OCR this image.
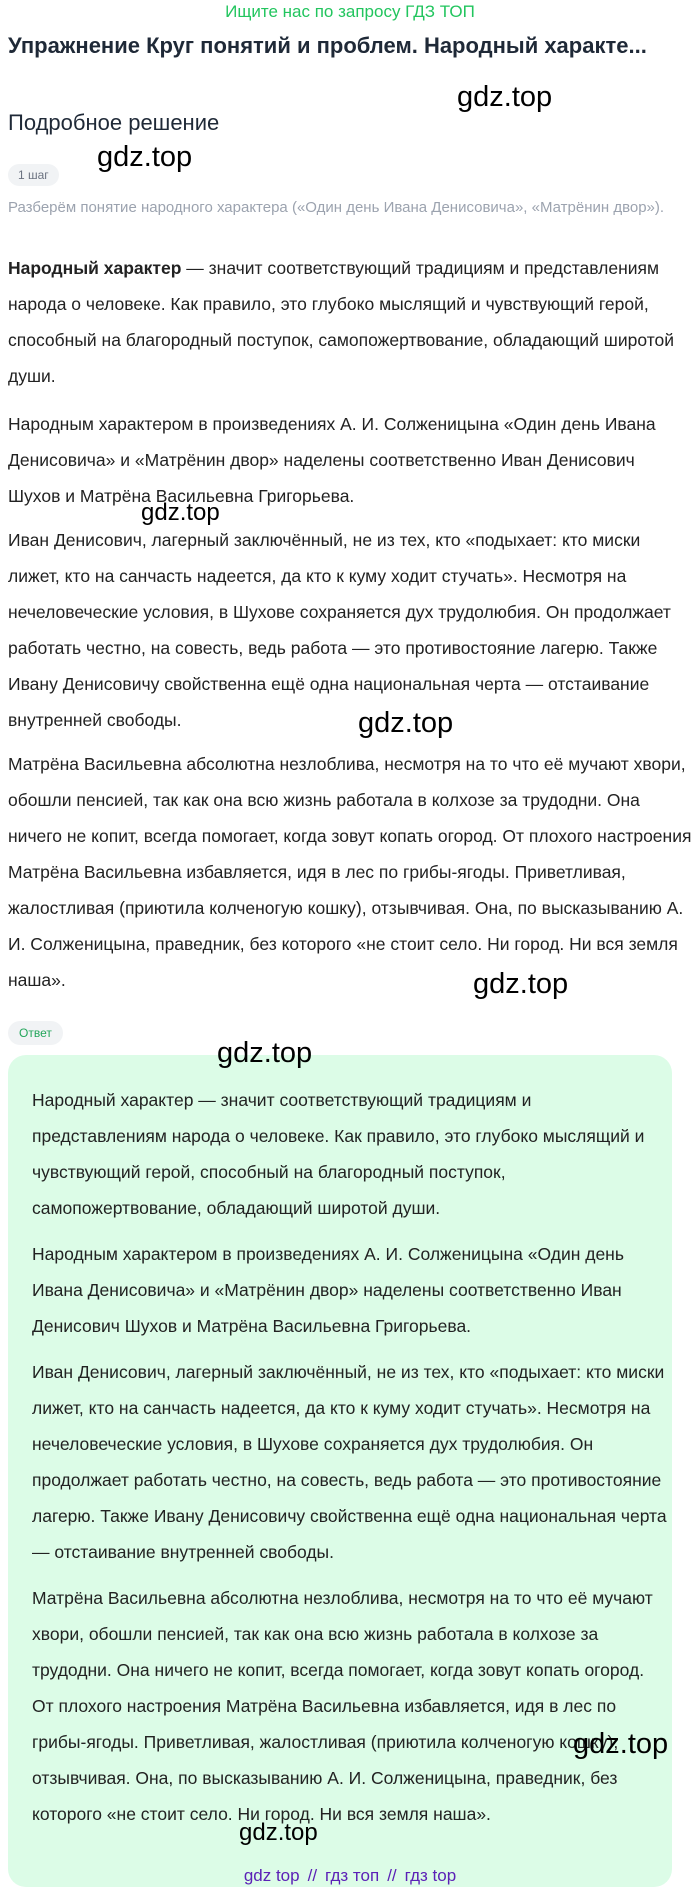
Ищите нас по запросу ГДЗ ТОП
Упражнение Круг понятий и проблем. Народный характе...
Подробное решение
1 шаг

Разберём понятие народного характера («Один день Ивана Денисовича», «Матрёнин двор»).

Народный характер — значит соответствующий традициям и представлениям народа о человеке. Как правило, это глубоко мыслящий и чувствующий герой, способный на благородный поступок, самопожертвование, обладающий широтой души.

Народным характером в произведениях А. И. Солженицына «Один день Ивана Денисовича» и «Матрёнин двор» наделены соответственно Иван Денисович Шухов и Матрёна Васильевна Григорьева.

Иван Денисович, лагерный заключённый, не из тех, кто «подыхает: кто миски лижет, кто на санчасть надеется, да кто к куму ходит стучать». Несмотря на нечеловеческие условия, в Шухове сохраняется дух трудолюбия. Он продолжает работать честно, на совесть, ведь работа — это противостояние лагерю. Также Ивану Денисовичу свойственна ещё одна национальная черта — отстаивание внутренней свободы.

Матрёна Васильевна абсолютна незлоблива, несмотря на то что её мучают хвори, обошли пенсией, так как она всю жизнь работала в колхозе за трудодни. Она ничего не копит, всегда помогает, когда зовут копать огород. От плохого настроения Матрёна Васильевна избавляется, идя в лес по грибы-ягоды. Приветливая, жалостливая (приютила колченогую кошку), отзывчивая. Она, по высказыванию А. И. Солженицына, праведник, без которого «не стоит село. Ни город. Ни вся земля наша».

Ответ

Народный характер — значит соответствующий традициям и представлениям народа о человеке. Как правило, это глубоко мыслящий и чувствующий герой, способный на благородный поступок, самопожертвование, обладающий широтой души.

Народным характером в произведениях А. И. Солженицына «Один день Ивана Денисовича» и «Матрёнин двор» наделены соответственно Иван Денисович Шухов и Матрёна Васильевна Григорьева.

Иван Денисович, лагерный заключённый, не из тех, кто «подыхает: кто миски лижет, кто на санчасть надеется, да кто к куму ходит стучать». Несмотря на нечеловеческие условия, в Шухове сохраняется дух трудолюбия. Он продолжает работать честно, на совесть, ведь работа — это противостояние лагерю. Также Ивану Денисовичу свойственна ещё одна национальная черта — отстаивание внутренней свободы.

Матрёна Васильевна абсолютна незлоблива, несмотря на то что её мучают хвори, обошли пенсией, так как она всю жизнь работала в колхозе за трудодни. Она ничего не копит, всегда помогает, когда зовут копать огород. От плохого настроения Матрёна Васильевна избавляется, идя в лес по грибы-ягоды. Приветливая, жалостливая (приютила колченогую кошку), отзывчивая. Она, по высказыванию А. И. Солженицына, праведник, без которого «не стоит село. Ни город. Ни вся земля наша».

gdz.top
gdz.top
gdz.top
gdz.top
gdz.top
gdz.top
gdz.top
gdz.top
gdz top // гдз топ // гдз top
